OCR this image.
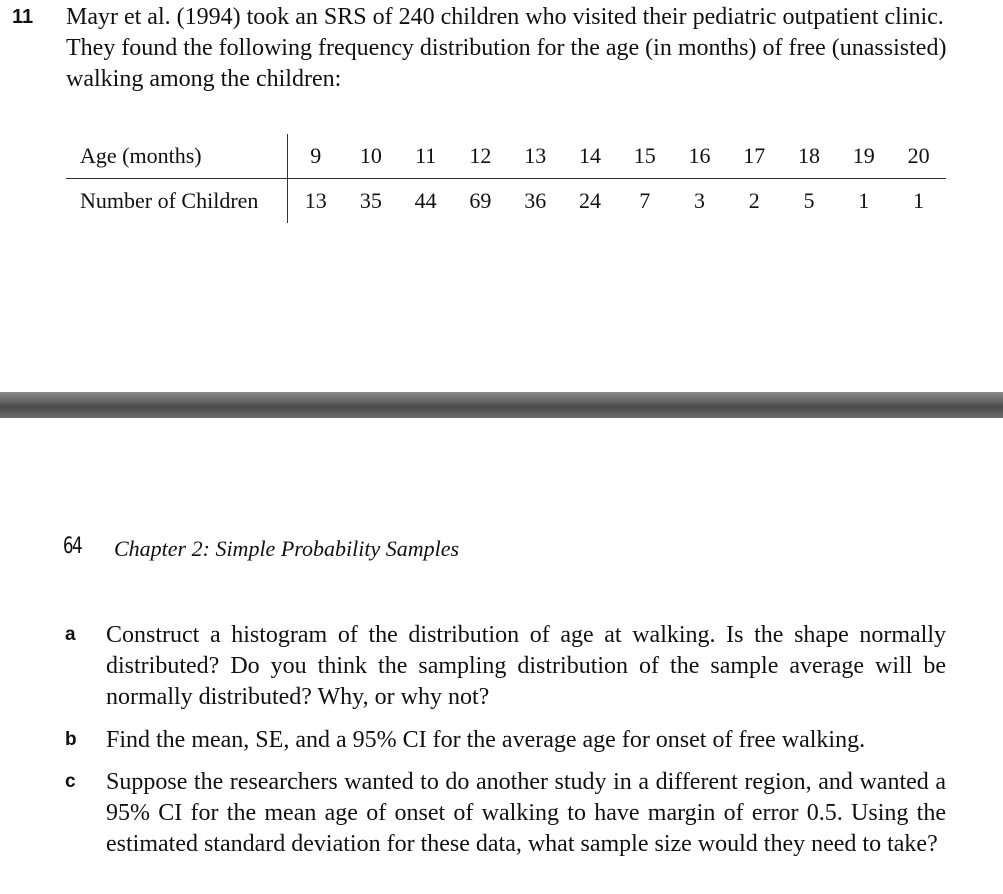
11 Mayr et al. (1994) took an SRS of 240 children who visited their pediatric outpatient clinic. They found the following frequency distribution for the age (in months) of free (unassisted) walking among the children:
Age (months)	9	10	11	12	13	14	15	16	17	18	19	20
Number of Children	13	35	44	69	36	24	7	3	2	5	1	1
64 Chapter 2: Simple Probability Samples
a	Construct a histogram of the distribution of age at walking. Is the shape normally distributed? Do you think the sampling distribution of the sample average will be normally distributed? Why, or why not?
b	Find the mean, SE, and a 95% CI for the average age for onset of free walking.
c	Suppose the researchers wanted to do another study in a different region, and wanted a 95% CI for the mean age of onset of walking to have margin of error 0.5. Using the estimated standard deviation for these data, what sample size would they need to take?
